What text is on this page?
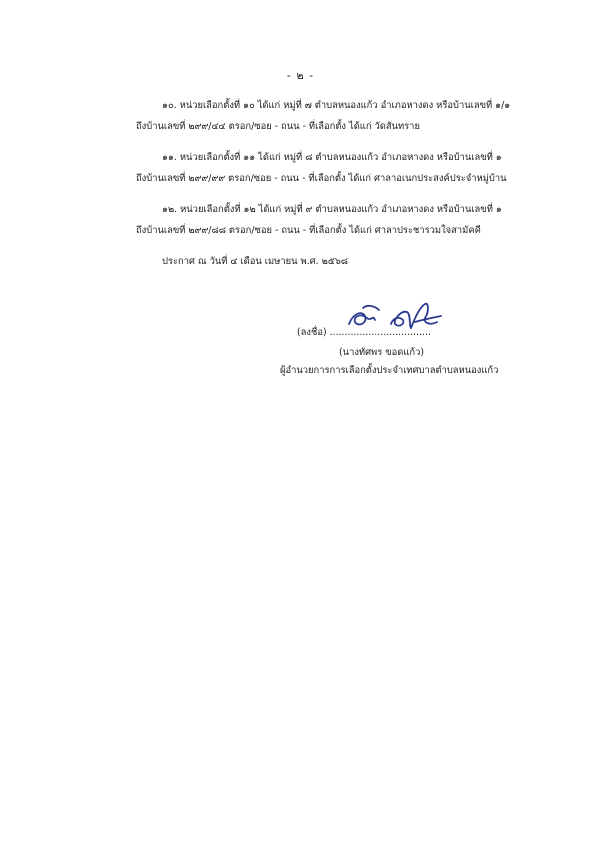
- ๒ -
๑๐. หน่วยเลือกตั้งที่ ๑๐ ได้แก่ หมู่ที่ ๗ ตำบลหนองแก้ว อำเภอหางดง หรือบ้านเลขที่ ๑/๑
ถึงบ้านเลขที่ ๒๙๙/๔๔ ตรอก/ซอย - ถนน - ที่เลือกตั้ง ได้แก่ วัดสันทราย
๑๑. หน่วยเลือกตั้งที่ ๑๑ ได้แก่ หมู่ที่ ๘ ตำบลหนองแก้ว อำเภอหางดง หรือบ้านเลขที่ ๑
ถึงบ้านเลขที่ ๒๙๙/๙๙ ตรอก/ซอย - ถนน - ที่เลือกตั้ง ได้แก่ ศาลาอเนกประสงค์ประจำหมู่บ้าน
๑๒. หน่วยเลือกตั้งที่ ๑๒ ได้แก่ หมู่ที่ ๙ ตำบลหนองแก้ว อำเภอหางดง หรือบ้านเลขที่ ๑
ถึงบ้านเลขที่ ๒๙๙/๘๘ ตรอก/ซอย - ถนน - ที่เลือกตั้ง ได้แก่ ศาลาประชารวมใจสามัคคี
ประกาศ ณ วันที่ ๔ เดือน เมษายน พ.ศ. ๒๕๖๘
(ลงชื่อ) ..................................
(นางทัศพร ขอดแก้ว)
ผู้อำนวยการการเลือกตั้งประจำเทศบาลตำบลหนองแก้ว
